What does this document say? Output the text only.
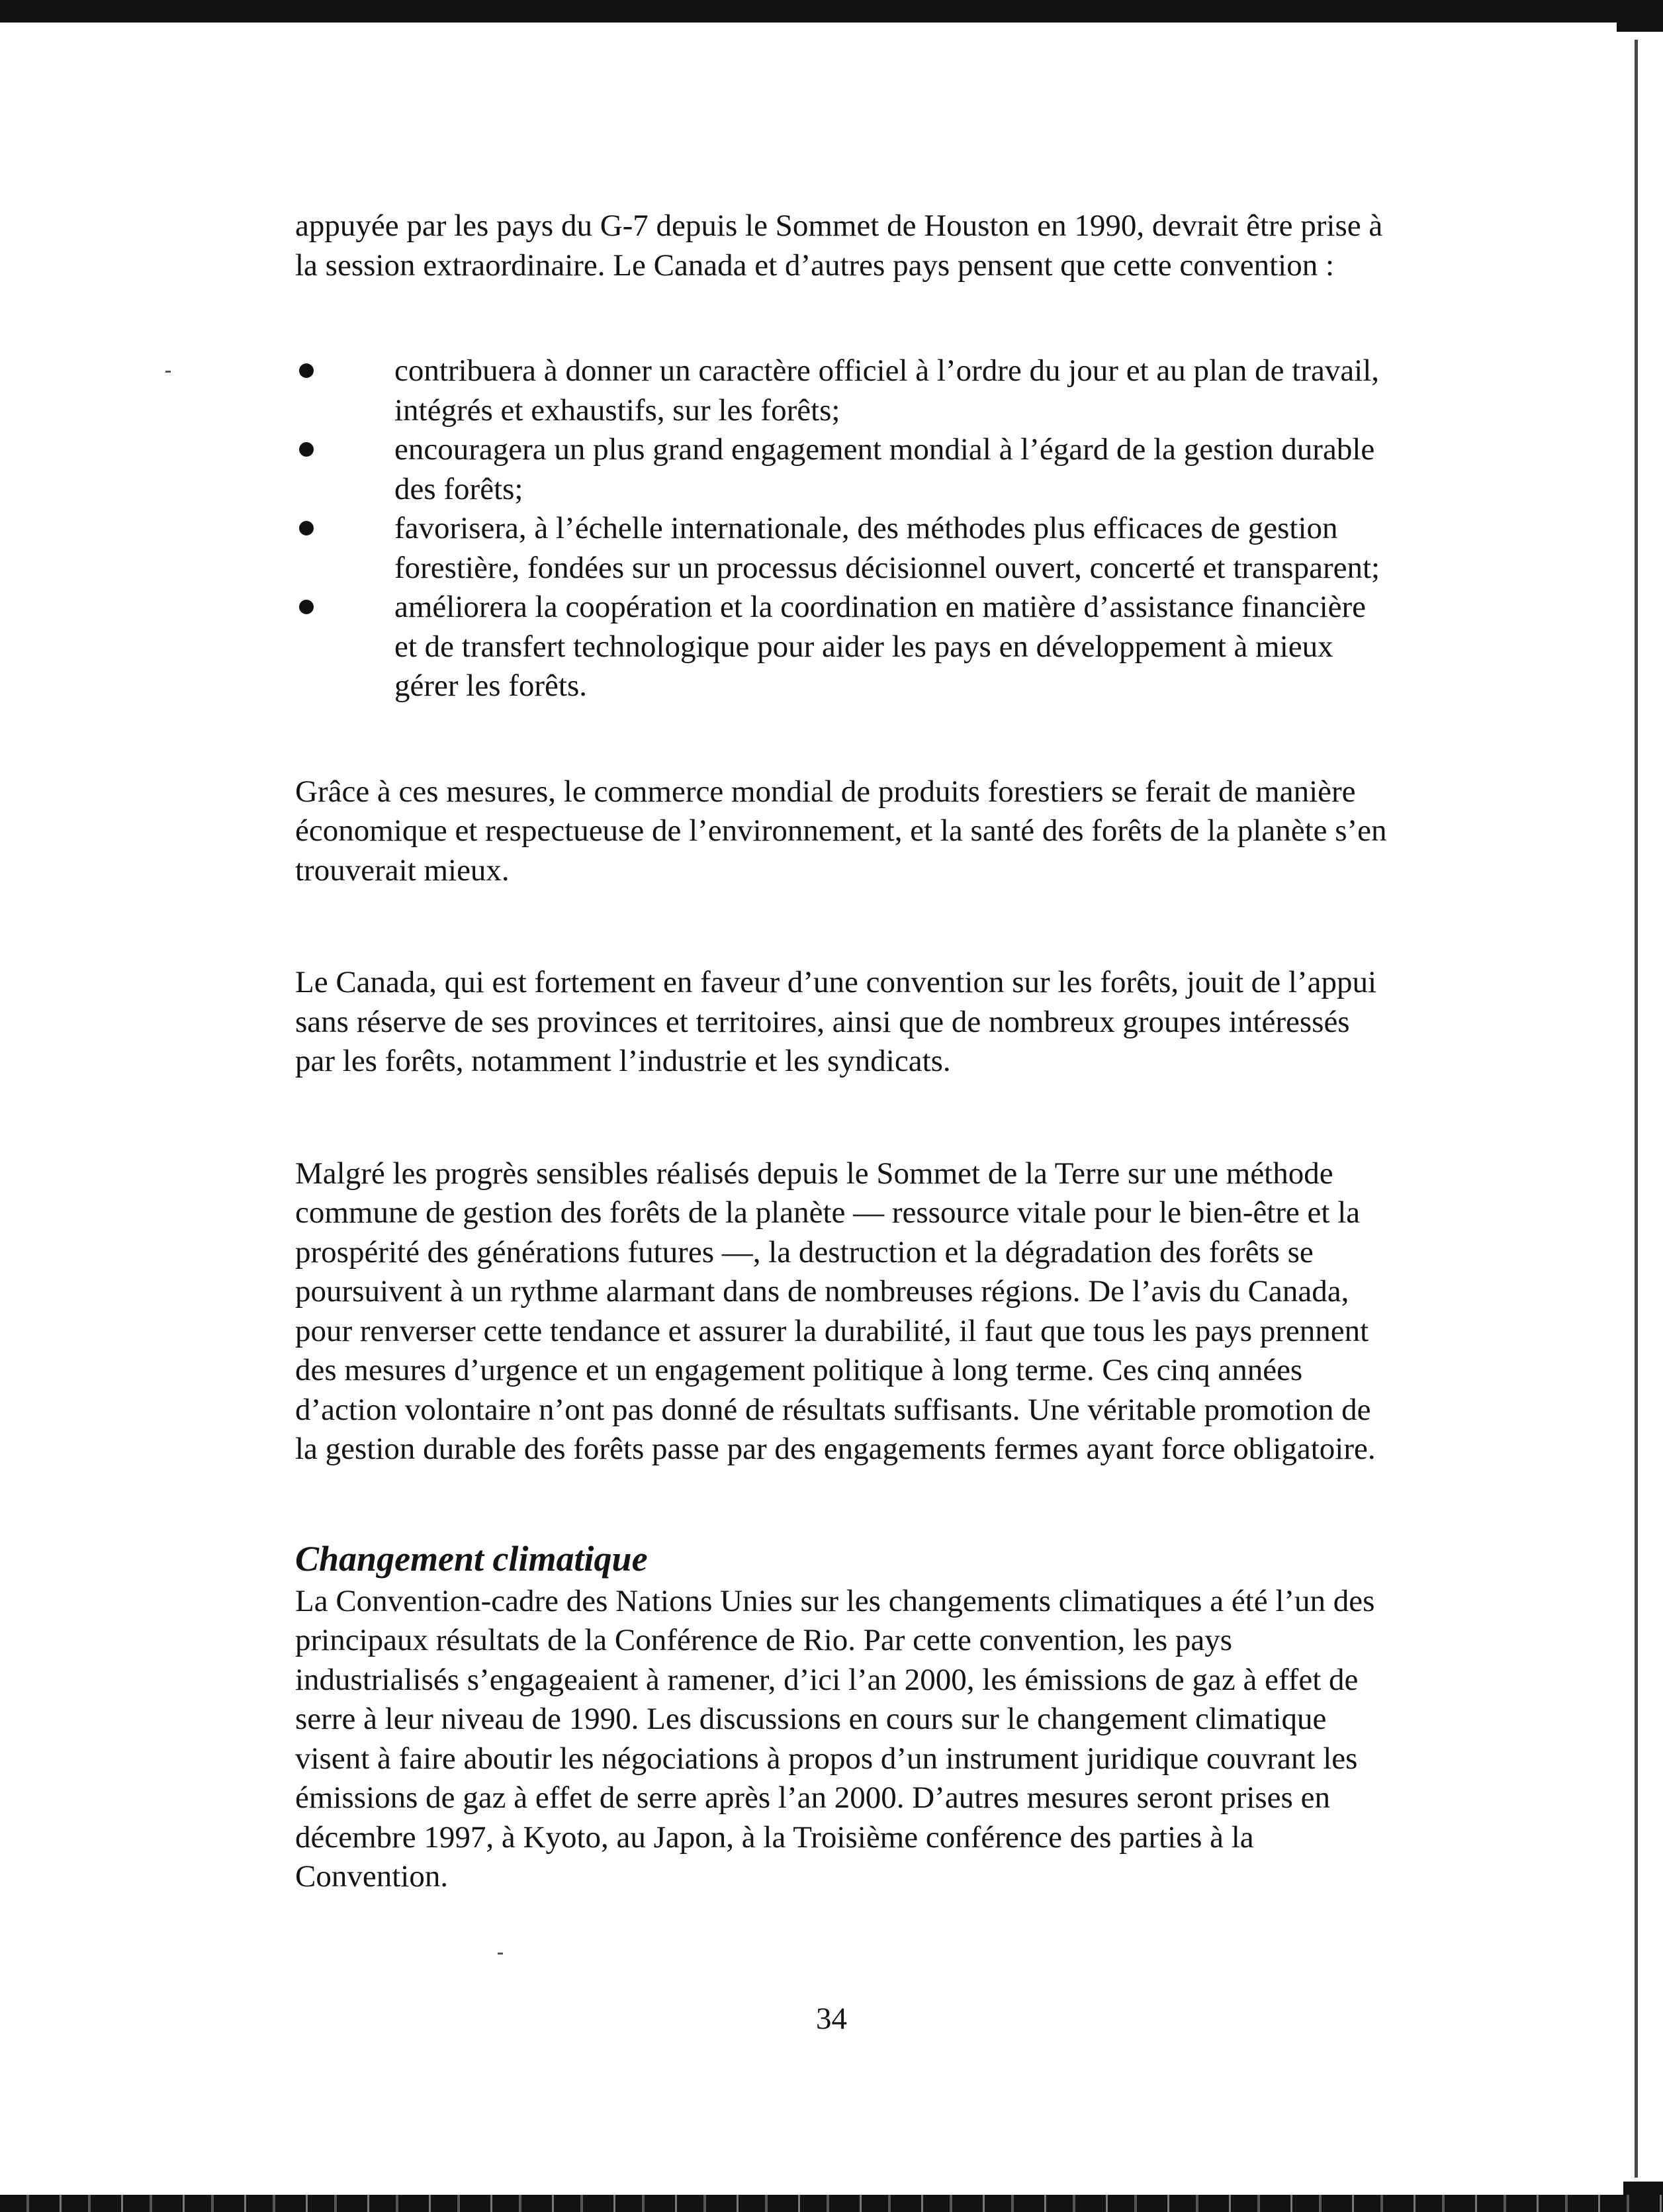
appuyée par les pays du G-7 depuis le Sommet de Houston en 1990, devrait être prise à la session extraordinaire. Le Canada et d’autres pays pensent que cette convention :

contribuera à donner un caractère officiel à l’ordre du jour et au plan de travail, intégrés et exhaustifs, sur les forêts;
encouragera un plus grand engagement mondial à l’égard de la gestion durable des forêts;
favorisera, à l’échelle internationale, des méthodes plus efficaces de gestion forestière, fondées sur un processus décisionnel ouvert, concerté et transparent;
améliorera la coopération et la coordination en matière d’assistance financière et de transfert technologique pour aider les pays en développement à mieux gérer les forêts.

Grâce à ces mesures, le commerce mondial de produits forestiers se ferait de manière économique et respectueuse de l’environnement, et la santé des forêts de la planète s’en trouverait mieux.

Le Canada, qui est fortement en faveur d’une convention sur les forêts, jouit de l’appui sans réserve de ses provinces et territoires, ainsi que de nombreux groupes intéressés par les forêts, notamment l’industrie et les syndicats.

Malgré les progrès sensibles réalisés depuis le Sommet de la Terre sur une méthode commune de gestion des forêts de la planète — ressource vitale pour le bien-être et la prospérité des générations futures —, la destruction et la dégradation des forêts se poursuivent à un rythme alarmant dans de nombreuses régions. De l’avis du Canada, pour renverser cette tendance et assurer la durabilité, il faut que tous les pays prennent des mesures d’urgence et un engagement politique à long terme. Ces cinq années d’action volontaire n’ont pas donné de résultats suffisants. Une véritable promotion de la gestion durable des forêts passe par des engagements fermes ayant force obligatoire.

Changement climatique

La Convention-cadre des Nations Unies sur les changements climatiques a été l’un des principaux résultats de la Conférence de Rio. Par cette convention, les pays industrialisés s’engageaient à ramener, d’ici l’an 2000, les émissions de gaz à effet de serre à leur niveau de 1990. Les discussions en cours sur le changement climatique visent à faire aboutir les négociations à propos d’un instrument juridique couvrant les émissions de gaz à effet de serre après l’an 2000. D’autres mesures seront prises en décembre 1997, à Kyoto, au Japon, à la Troisième conférence des parties à la Convention.

34
